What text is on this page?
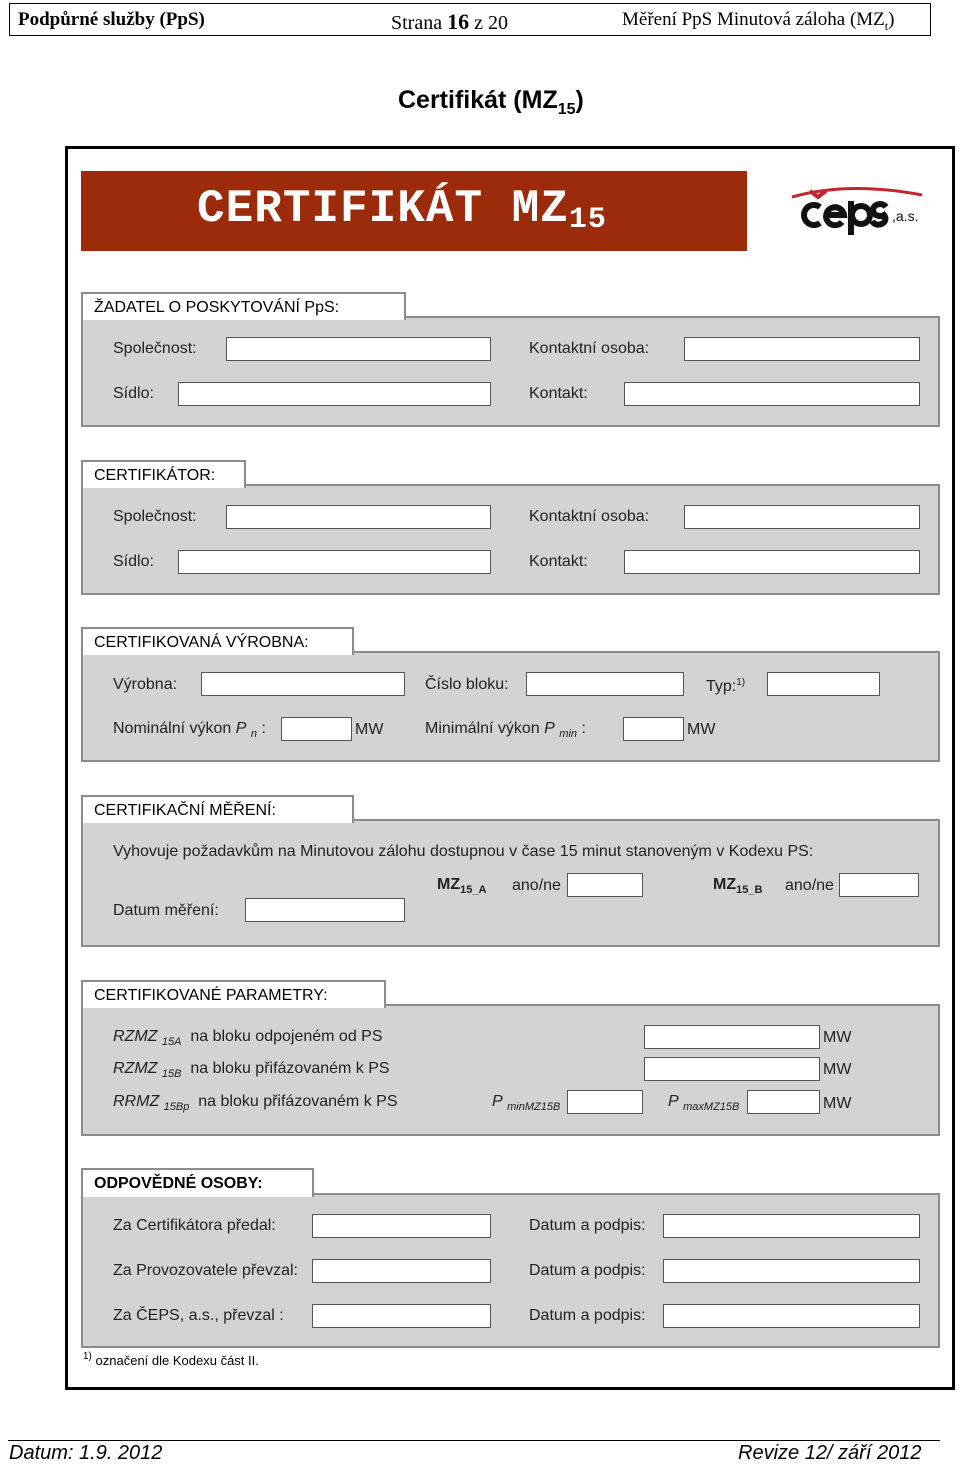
Podpůrné služby (PpS)	Strana 16 z 20	Měření PpS Minutová záloha $(MZ_t)$
Certifikát $(MZ_{15})$
CERTIFIKÁT $MZ_{15}$	,a.s.
ŽADATEL O POSKYTOVÁNÍ PpS:
Společnost:	Kontaktní osoba:
Sídlo:	Kontakt:
CERTIFIKÁTOR:
Společnost:	Kontaktní osoba:
Sídlo:	Kontakt:
CERTIFIKOVANÁ VÝROBNA:
Výrobna:	Číslo bloku:	Typ:$^{1)}$
Nominální výkon P $_n$ :	MW	Minimální výkon P $_{min}$ :	MW
CERTIFIKAČNÍ MĚŘENÍ:
Vyhovuje požadavkům na Minutovou zálohu dostupnou v čase 15 minut stanoveným v Kodexu PS:
$MZ_{15\_A}$ ano/ne	$MZ_{15\_B}$ ano/ne
Datum měření:
CERTIFIKOVANÉ PARAMETRY:
RZMZ $_{15A}$ na bloku odpojeném od PS	MW
RZMZ $_{15B}$ na bloku přifázovaném k PS	MW
RRMZ $_{15Bp}$ na bloku přifázovaném k PS	P $_{minMZ15B}$	P $_{maxMZ15B}$	MW
ODPOVĚDNÉ OSOBY:
Za Certifikátora předal:	Datum a podpis:
Za Provozovatele převzal:	Datum a podpis:
Za ČEPS, a.s., převzal :	Datum a podpis:
$^{1)}$ označení dle Kodexu část II.
Datum: 1.9. 2012	Revize 12/ září 2012
